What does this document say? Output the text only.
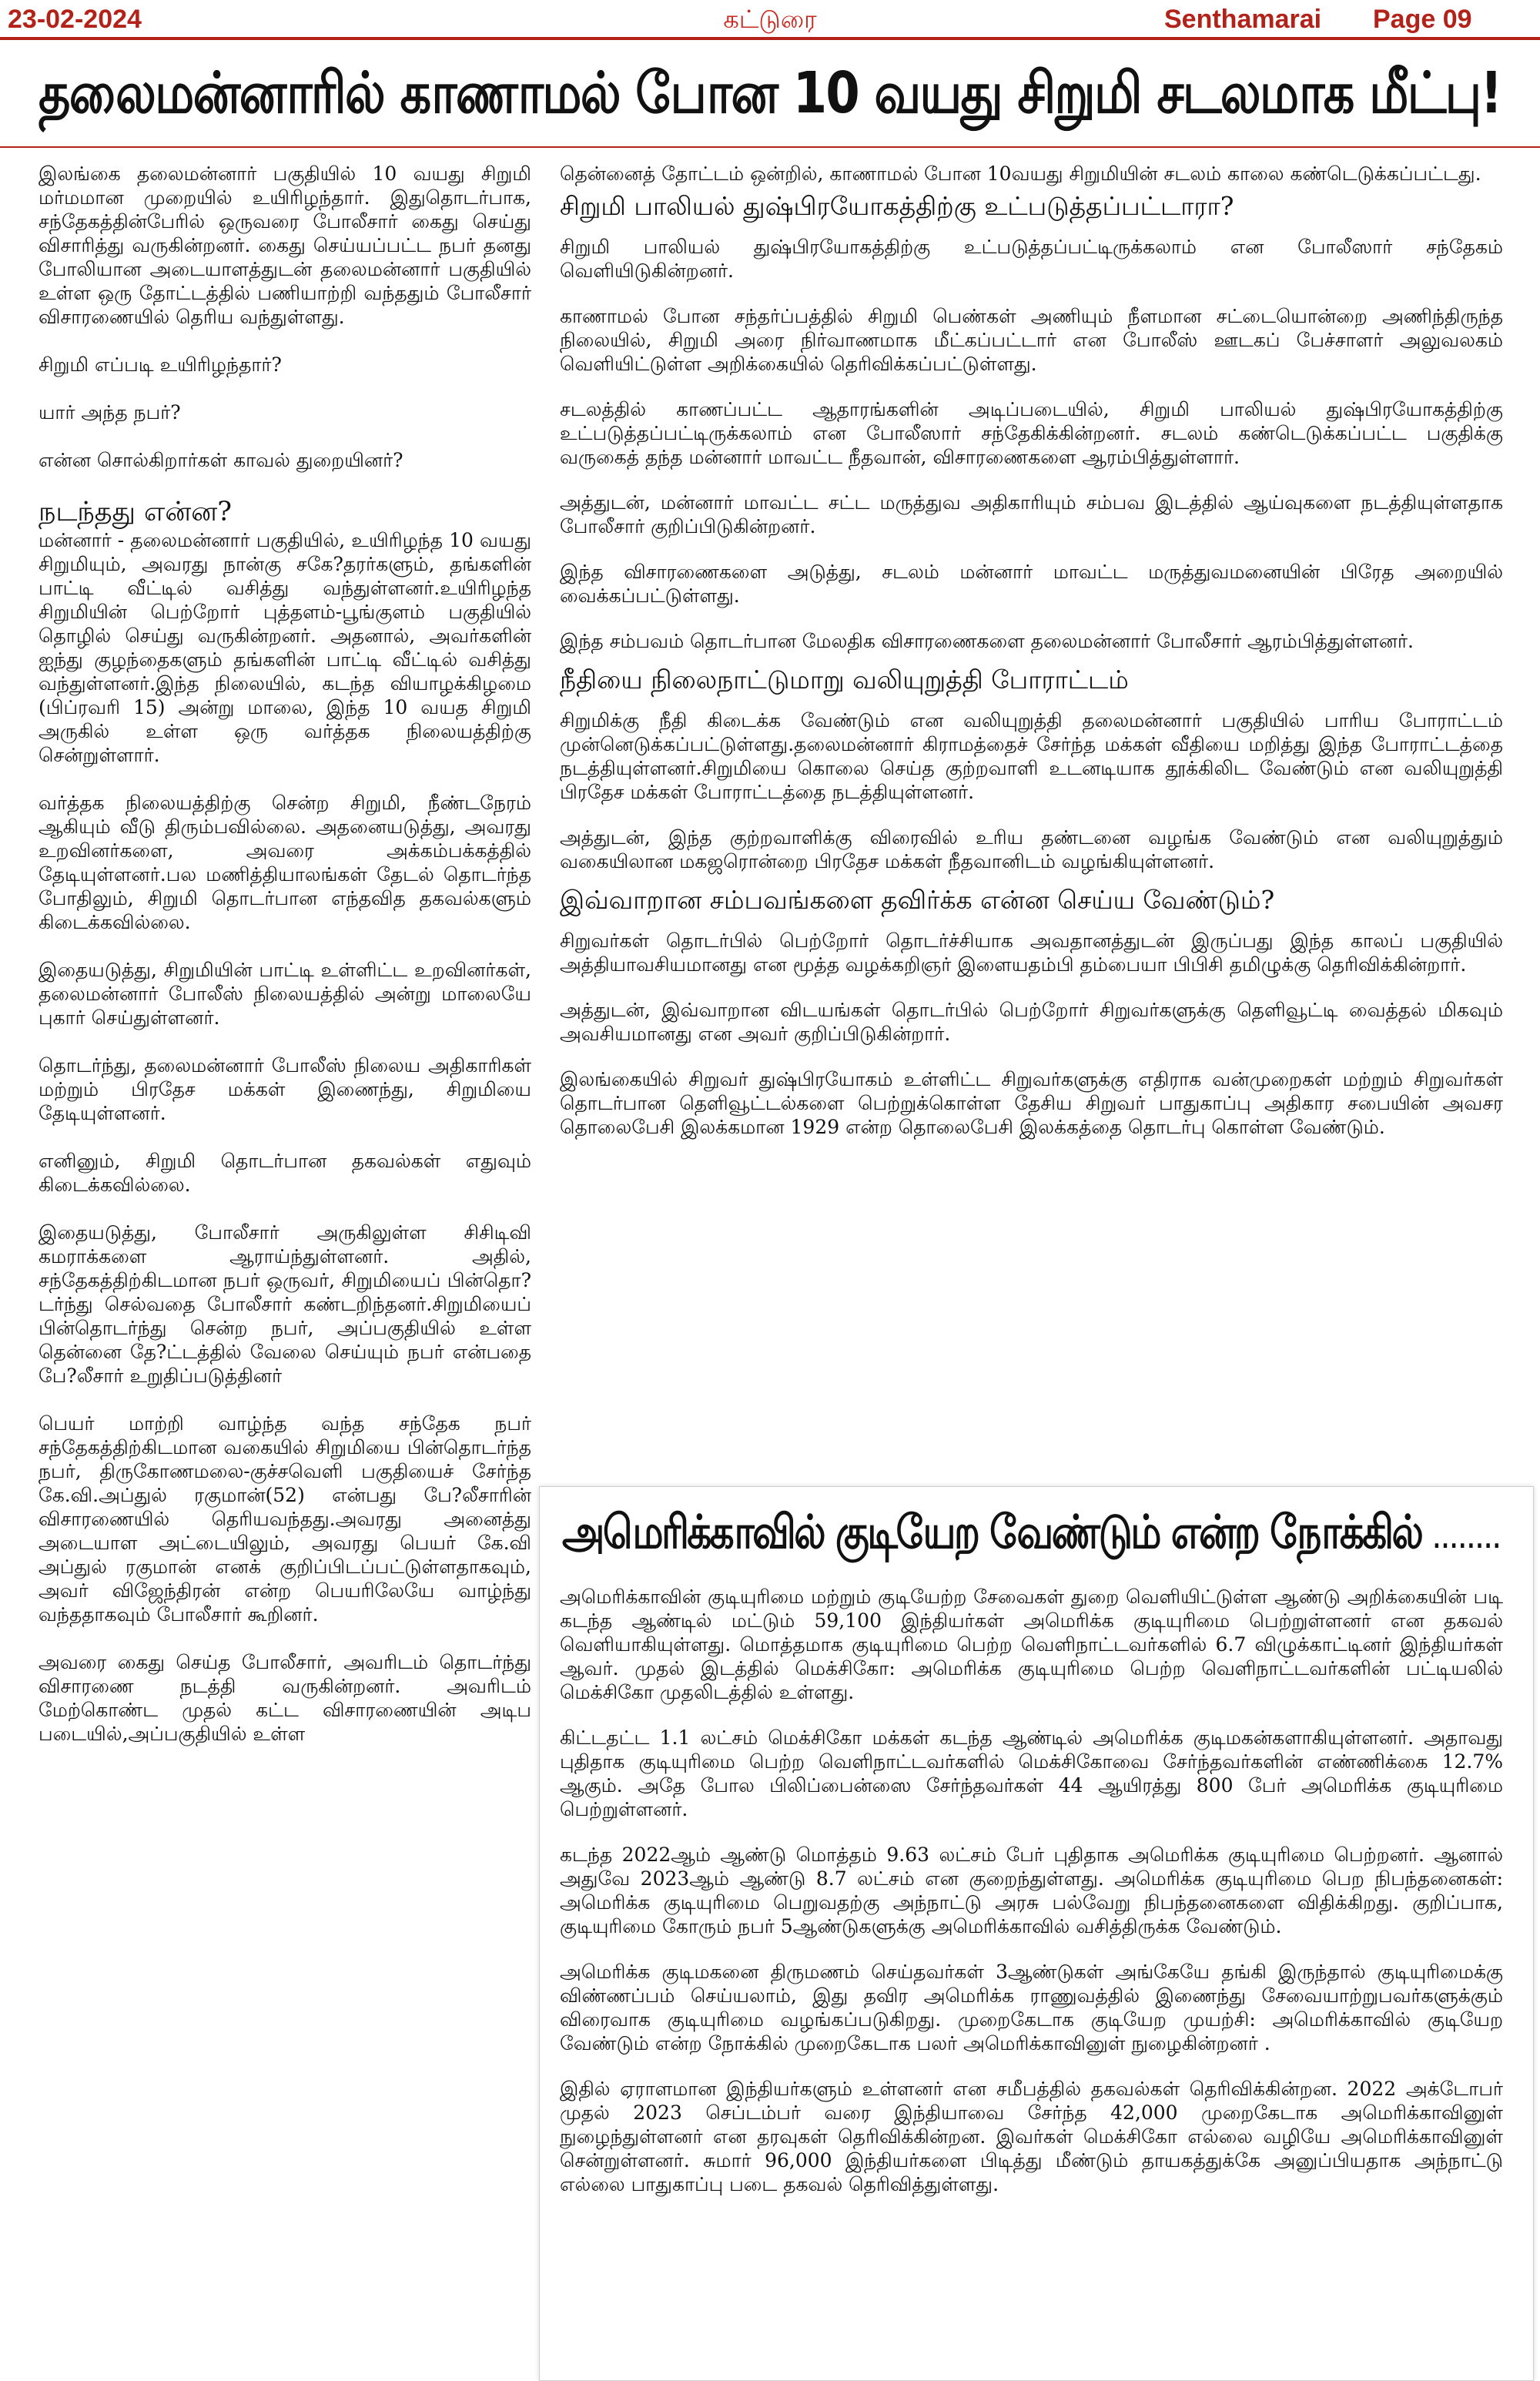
23-02-2024	கட்டுரை	Senthamarai Page 09
தலைமன்னாரில் காணாமல் போன 10 வயது சிறுமி சடலமாக மீட்பு!

இலங்கை தலைமன்னார் பகுதியில் 10 வயது சிறுமி மர்மமான முறையில் உயிரிழந்தார். இதுதொடர்பாக, சந்தேகத்தின்பேரில் ஒருவரை போலீசார் கைது செய்து விசாரித்து வருகின்றனர். கைது செய்யப்பட்ட நபர் தனது போலியான அடையாளத்துடன் தலைமன்னார் பகுதியில் உள்ள ஒரு தோட்டத்தில் பணியாற்றி வந்ததும் போலீசார் விசாரணையில் தெரிய வந்துள்ளது.

சிறுமி எப்படி உயிரிழந்தார்?

யார் அந்த நபர்?

என்ன சொல்கிறார்கள் காவல் துறையினர்?

நடந்தது என்ன?

மன்னார் - தலைமன்னார் பகுதியில், உயிரிழந்த 10 வயது சிறுமியும், அவரது நான்கு சகே?தரர்களும், தங்களின் பாட்டி வீட்டில் வசித்து வந்துள்ளனர்.உயிரிழந்த சிறுமியின் பெற்றோர் புத்தளம்-பூங்குளம் பகுதியில் தொழில் செய்து வருகின்றனர். அதனால், அவர்களின் ஐந்து குழந்தைகளும் தங்களின் பாட்டி வீட்டில் வசித்து வந்துள்ளனர்.இந்த நிலையில், கடந்த வியாழக்கிழமை (பிப்ரவரி 15) அன்று மாலை, இந்த 10 வயத சிறுமி அருகில் உள்ள ஒரு வர்த்தக நிலையத்திற்கு சென்றுள்ளார்.

வர்த்தக நிலையத்திற்கு சென்ற சிறுமி, நீண்டநேரம் ஆகியும் வீடு திரும்பவில்லை. அதனையடுத்து, அவரது உறவினர்களை, அவரை அக்கம்பக்கத்தில் தேடியுள்ளனர்.பல மணித்தியாலங்கள் தேடல் தொடர்ந்த போதிலும், சிறுமி தொடர்பான எந்தவித தகவல்களும் கிடைக்கவில்லை.

இதையடுத்து, சிறுமியின் பாட்டி உள்ளிட்ட உறவினர்கள், தலைமன்னார் போலீஸ் நிலையத்தில் அன்று மாலையே புகார் செய்துள்ளனர்.

தொடர்ந்து, தலைமன்னார் போலீஸ் நிலைய அதிகாரிகள் மற்றும் பிரதேச மக்கள் இணைந்து, சிறுமியை தேடியுள்ளனர்.

எனினும், சிறுமி தொடர்பான தகவல்கள் எதுவும் கிடைக்கவில்லை.

இதையடுத்து, போலீசார் அருகிலுள்ள சிசிடிவி கமராக்களை ஆராய்ந்துள்ளனர். அதில், சந்தேகத்திற்கிடமான நபர் ஒருவர், சிறுமியைப் பின்தொ?டர்ந்து செல்வதை போலீசார் கண்டறிந்தனர்.சிறுமியைப் பின்தொடர்ந்து சென்ற நபர், அப்பகுதியில் உள்ள தென்னை தே?ட்டத்தில் வேலை செய்யும் நபர் என்பதை பே?லீசார் உறுதிப்படுத்தினர்

பெயர் மாற்றி வாழ்ந்த வந்த சந்தேக நபர் சந்தேகத்திற்கிடமான வகையில் சிறுமியை பின்தொடர்ந்த நபர், திருகோணமலை-குச்சவெளி பகுதியைச் சேர்ந்த கே.வி.அப்துல் ரகுமான்(52) என்பது பே?லீசாரின் விசாரணையில் தெரியவந்தது.அவரது அனைத்து அடையாள அட்டையிலும், அவரது பெயர் கே.வி அப்துல் ரகுமான் எனக் குறிப்பிடப்பட்டுள்ளதாகவும், அவர் விஜேந்திரன் என்ற பெயரிலேயே வாழ்ந்து வந்ததாகவும் போலீசார் கூறினர்.

அவரை கைது செய்த போலீசார், அவரிடம் தொடர்ந்து விசாரணை நடத்தி வருகின்றனர். அவரிடம் மேற்கொண்ட முதல் கட்ட விசாரணையின் அடிப படையில்,அப்பகுதியில் உள்ள

தென்னைத் தோட்டம் ஒன்றில், காணாமல் போன 10வயது சிறுமியின் சடலம் காலை கண்டெடுக்கப்பட்டது.

சிறுமி பாலியல் துஷ்பிரயோகத்திற்கு உட்படுத்தப்பட்டாரா?

சிறுமி பாலியல் துஷ்பிரயோகத்திற்கு உட்படுத்தப்பட்டிருக்கலாம் என போலீஸார் சந்தேகம் வெளியிடுகின்றனர்.

காணாமல் போன சந்தர்ப்பத்தில் சிறுமி பெண்கள் அணியும் நீளமான சட்டையொன்றை அணிந்திருந்த நிலையில், சிறுமி அரை நிர்வாணமாக மீட்கப்பட்டார் என போலீஸ் ஊடகப் பேச்சாளர் அலுவலகம் வெளியிட்டுள்ள அறிக்கையில் தெரிவிக்கப்பட்டுள்ளது.

சடலத்தில் காணப்பட்ட ஆதாரங்களின் அடிப்படையில், சிறுமி பாலியல் துஷ்பிரயோகத்திற்கு உட்படுத்தப்பட்டிருக்கலாம் என போலீஸார் சந்தேகிக்கின்றனர். சடலம் கண்டெடுக்கப்பட்ட பகுதிக்கு வருகைத் தந்த மன்னார் மாவட்ட நீதவான், விசாரணைகளை ஆரம்பித்துள்ளார்.

அத்துடன், மன்னார் மாவட்ட சட்ட மருத்துவ அதிகாரியும் சம்பவ இடத்தில் ஆய்வுகளை நடத்தியுள்ளதாக போலீசார் குறிப்பிடுகின்றனர்.

இந்த விசாரணைகளை அடுத்து, சடலம் மன்னார் மாவட்ட மருத்துவமனையின் பிரேத அறையில் வைக்கப்பட்டுள்ளது.

இந்த சம்பவம் தொடர்பான மேலதிக விசாரணைகளை தலைமன்னார் போலீசார் ஆரம்பித்துள்ளனர்.

நீதியை நிலைநாட்டுமாறு வலியுறுத்தி போராட்டம்

சிறுமிக்கு நீதி கிடைக்க வேண்டும் என வலியுறுத்தி தலைமன்னார் பகுதியில் பாரிய போராட்டம் முன்னெடுக்கப்பட்டுள்ளது.தலைமன்னார் கிராமத்தைச் சேர்ந்த மக்கள் வீதியை மறித்து இந்த போராட்டத்தை நடத்தியுள்ளனர்.சிறுமியை கொலை செய்த குற்றவாளி உடனடியாக தூக்கிலிட வேண்டும் என வலியுறுத்தி பிரதேச மக்கள் போராட்டத்தை நடத்தியுள்ளனர்.

அத்துடன், இந்த குற்றவாளிக்கு விரைவில் உரிய தண்டனை வழங்க வேண்டும் என வலியுறுத்தும் வகையிலான மகஜரொன்றை பிரதேச மக்கள் நீதவானிடம் வழங்கியுள்ளனர்.

இவ்வாறான சம்பவங்களை தவிர்க்க என்ன செய்ய வேண்டும்?

சிறுவர்கள் தொடர்பில் பெற்றோர் தொடர்ச்சியாக அவதானத்துடன் இருப்பது இந்த காலப் பகுதியில் அத்தியாவசியமானது என மூத்த வழக்கறிஞர் இளையதம்பி தம்பையா பிபிசி தமிழுக்கு தெரிவிக்கின்றார்.

அத்துடன், இவ்வாறான விடயங்கள் தொடர்பில் பெற்றோர் சிறுவர்களுக்கு தெளிவூட்டி வைத்தல் மிகவும் அவசியமானது என அவர் குறிப்பிடுகின்றார்.

இலங்கையில் சிறுவர் துஷ்பிரயோகம் உள்ளிட்ட சிறுவர்களுக்கு எதிராக வன்முறைகள் மற்றும் சிறுவர்கள் தொடர்பான தெளிவூட்டல்களை பெற்றுக்கொள்ள தேசிய சிறுவர் பாதுகாப்பு அதிகார சபையின் அவசர தொலைபேசி இலக்கமான 1929 என்ற தொலைபேசி இலக்கத்தை தொடர்பு கொள்ள வேண்டும்.

அமெரிக்காவில் குடியேற வேண்டும் என்ற நோக்கில் ........

அமெரிக்காவின் குடியுரிமை மற்றும் குடியேற்ற சேவைகள் துறை வெளியிட்டுள்ள ஆண்டு அறிக்கையின் படி கடந்த ஆண்டில் மட்டும் 59,100 இந்தியர்கள் அமெரிக்க குடியுரிமை பெற்றுள்ளனர் என தகவல் வெளியாகியுள்ளது. மொத்தமாக குடியுரிமை பெற்ற வெளிநாட்டவர்களில் 6.7 விழுக்காட்டினர் இந்தியர்கள் ஆவர். முதல் இடத்தில் மெக்சிகோ: அமெரிக்க குடியுரிமை பெற்ற வெளிநாட்டவர்களின் பட்டியலில் மெக்சிகோ முதலிடத்தில் உள்ளது.

கிட்டதட்ட 1.1 லட்சம் மெக்சிகோ மக்கள் கடந்த ஆண்டில் அமெரிக்க குடிமகன்களாகியுள்ளனர். அதாவது புதிதாக குடியுரிமை பெற்ற வெளிநாட்டவர்களில் மெக்சிகோவை சேர்ந்தவர்களின் எண்ணிக்கை 12.7% ஆகும். அதே போல பிலிப்பைன்ஸை சேர்ந்தவர்கள் 44 ஆயிரத்து 800 பேர் அமெரிக்க குடியுரிமை பெற்றுள்ளனர்.

கடந்த 2022ஆம் ஆண்டு மொத்தம் 9.63 லட்சம் பேர் புதிதாக அமெரிக்க குடியுரிமை பெற்றனர். ஆனால் அதுவே 2023ஆம் ஆண்டு 8.7 லட்சம் என குறைந்துள்ளது. அமெரிக்க குடியுரிமை பெற நிபந்தனைகள்: அமெரிக்க குடியுரிமை பெறுவதற்கு அந்நாட்டு அரசு பல்வேறு நிபந்தனைகளை விதிக்கிறது. குறிப்பாக, குடியுரிமை கோரும் நபர் 5ஆண்டுகளுக்கு அமெரிக்காவில் வசித்திருக்க வேண்டும்.

அமெரிக்க குடிமகனை திருமணம் செய்தவர்கள் 3ஆண்டுகள் அங்கேயே தங்கி இருந்தால் குடியுரிமைக்கு விண்ணப்பம் செய்யலாம், இது தவிர அமெரிக்க ராணுவத்தில் இணைந்து சேவையாற்றுபவர்களுக்கும் விரைவாக குடியுரிமை வழங்கப்படுகிறது. முறைகேடாக குடியேற முயற்சி: அமெரிக்காவில் குடியேற வேண்டும் என்ற நோக்கில் முறைகேடாக பலர் அமெரிக்காவினுள் நுழைகின்றனர் .

இதில் ஏராளமான இந்தியர்களும் உள்ளனர் என சமீபத்தில் தகவல்கள் தெரிவிக்கின்றன. 2022 அக்டோபர் முதல் 2023 செப்டம்பர் வரை இந்தியாவை சேர்ந்த 42,000 முறைகேடாக அமெரிக்காவினுள் நுழைந்துள்ளனர் என தரவுகள் தெரிவிக்கின்றன. இவர்கள் மெக்சிகோ எல்லை வழியே அமெரிக்காவினுள் சென்றுள்ளனர். சுமார் 96,000 இந்தியர்களை பிடித்து மீண்டும் தாயகத்துக்கே அனுப்பியதாக அந்நாட்டு எல்லை பாதுகாப்பு படை தகவல் தெரிவித்துள்ளது.
